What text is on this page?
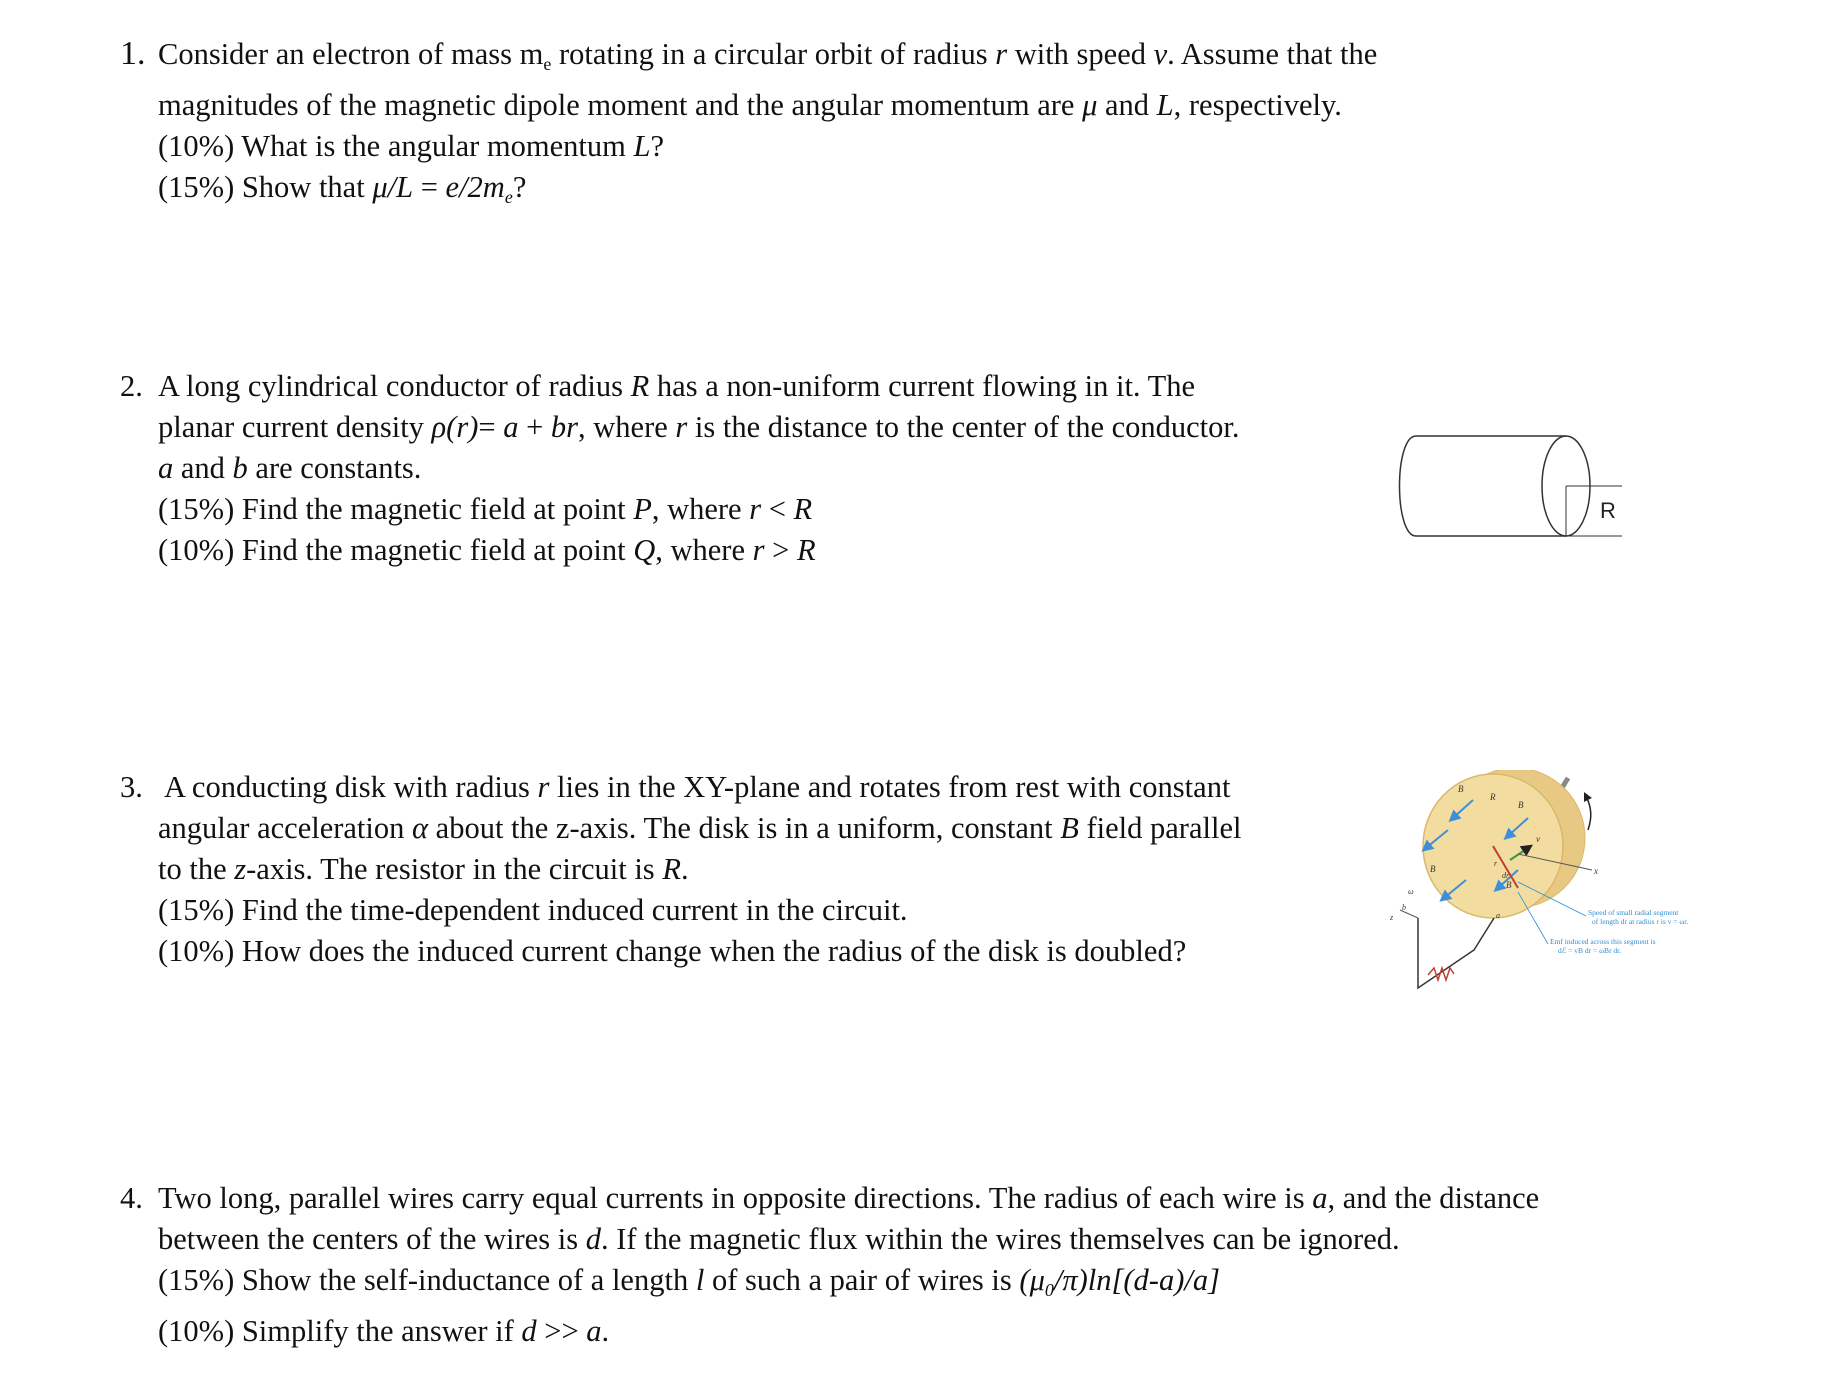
1. Consider an electron of mass $m_e$ rotating in a circular orbit of radius r with speed v. Assume that the
magnitudes of the magnetic dipole moment and the angular momentum are μ and L, respectively.
(10%) What is the angular momentum L?
(15%) Show that $\mu/L = e/2m_e$?
2. A long cylindrical conductor of radius R has a non-uniform current flowing in it. The
planar current density ρ(r)= a + br, where r is the distance to the center of the conductor.
a and b are constants.
(15%) Find the magnetic field at point P, where r < R
(10%) Find the magnetic field at point Q, where r > R
3. A conducting disk with radius r lies in the XY-plane and rotates from rest with constant
angular acceleration α about the z-axis. The disk is in a uniform, constant B field parallel
to the z-axis. The resistor in the circuit is R.
(15%) Find the time-dependent induced current in the circuit.
(10%) How does the induced current change when the radius of the disk is doubled?
4. Two long, parallel wires carry equal currents in opposite directions. The radius of each wire is a, and the distance
between the centers of the wires is d. If the magnetic flux within the wires themselves can be ignored.
(15%) Show the self-inductance of a length l of such a pair of wires is $(\mu_0/\pi)\ln[(d-a)/a]$
(10%) Simplify the answer if d >> a.
R
B
B
B
B
R
v
x
z
b
a
ω
r
dr
Speed of small radial segment
of length dr at radius r is v = ωr.
Emf induced across this segment is
dℰ = vB dr = ωBr dr.
